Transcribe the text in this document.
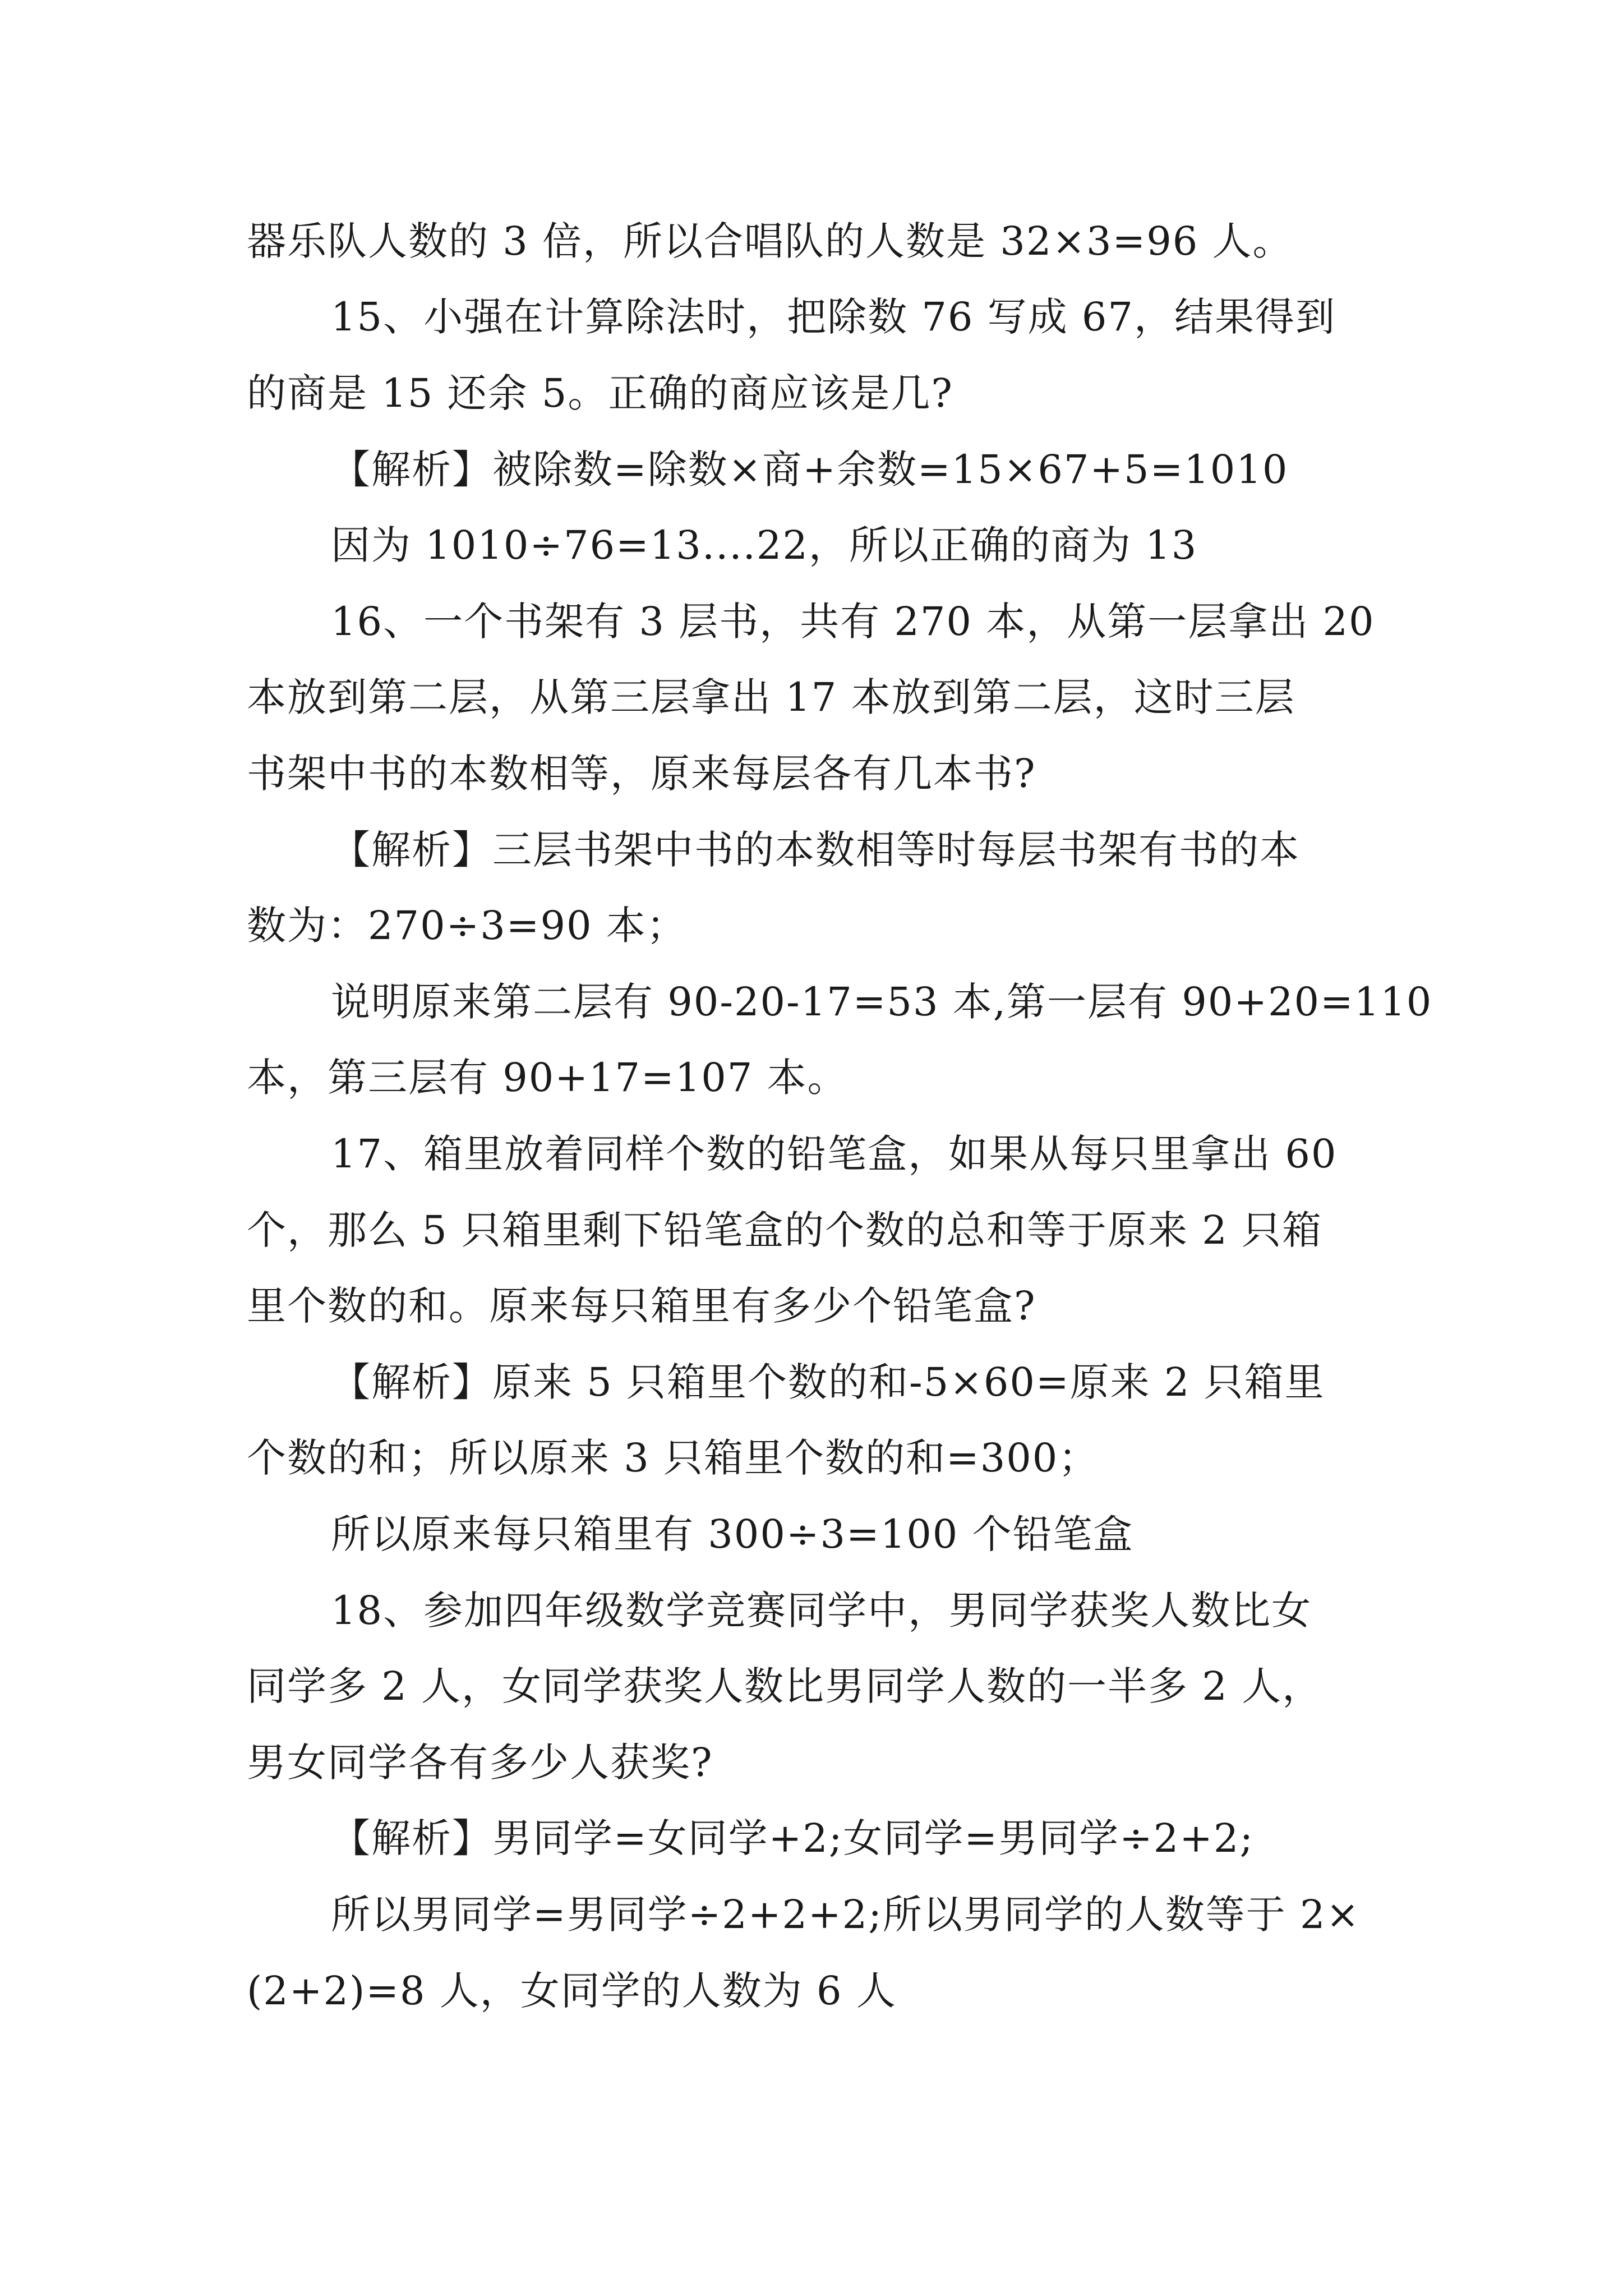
器乐队人数的 3 倍，所以合唱队的人数是 32×3=96 人。
15、小强在计算除法时，把除数 76 写成 67，结果得到
的商是 15 还余 5。正确的商应该是几?
【解析】被除数=除数×商+余数=15×67+5=1010
因为 1010÷76=13....22，所以正确的商为 13
16、一个书架有 3 层书，共有 270 本，从第一层拿出 20
本放到第二层，从第三层拿出 17 本放到第二层，这时三层
书架中书的本数相等，原来每层各有几本书?
【解析】三层书架中书的本数相等时每层书架有书的本
数为：270÷3=90 本；
说明原来第二层有 90-20-17=53 本,第一层有 90+20=110
本，第三层有 90+17=107 本。
17、箱里放着同样个数的铅笔盒，如果从每只里拿出 60
个，那么 5 只箱里剩下铅笔盒的个数的总和等于原来 2 只箱
里个数的和。原来每只箱里有多少个铅笔盒?
【解析】原来 5 只箱里个数的和-5×60=原来 2 只箱里
个数的和；所以原来 3 只箱里个数的和=300；
所以原来每只箱里有 300÷3=100 个铅笔盒
18、参加四年级数学竞赛同学中，男同学获奖人数比女
同学多 2 人，女同学获奖人数比男同学人数的一半多 2 人，
男女同学各有多少人获奖?
【解析】男同学=女同学+2;女同学=男同学÷2+2;
所以男同学=男同学÷2+2+2;所以男同学的人数等于 2×
(2+2)=8 人，女同学的人数为 6 人
